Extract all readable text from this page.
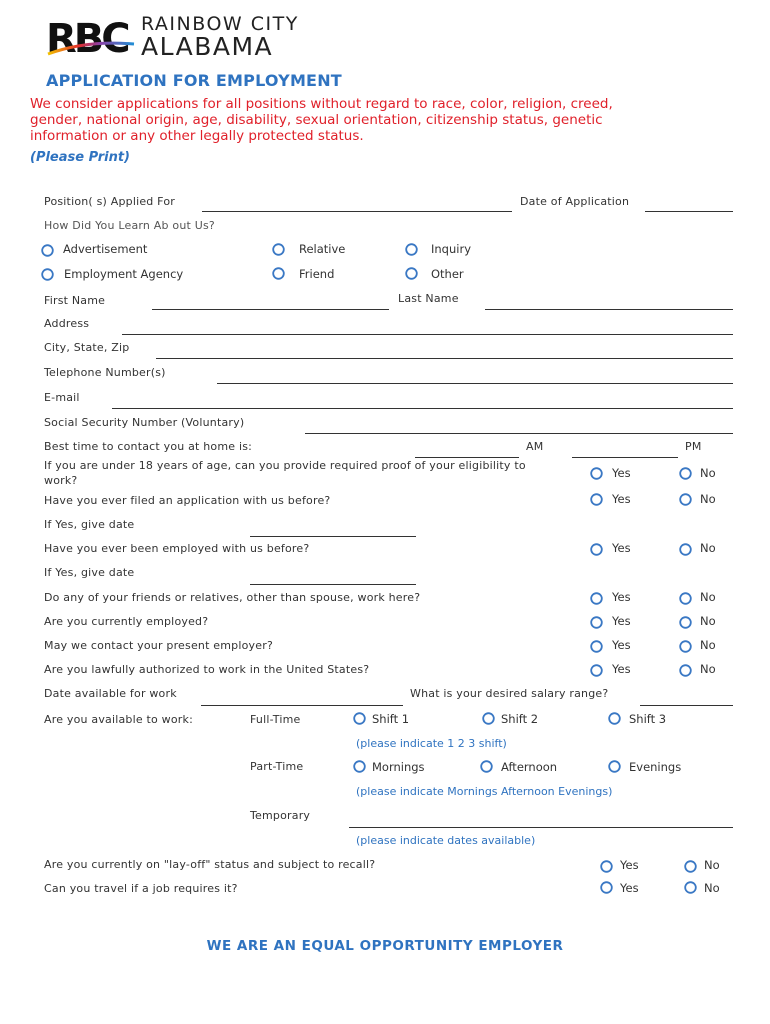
RBC RAINBOW CITY
ALABAMA
APPLICATION FOR EMPLOYMENT
We consider applications for all positions without regard to race, color, religion, creed,
gender, national origin, age, disability, sexual orientation, citizenship status, genetic
information or any other legally protected status.
(Please Print)
Position( s) Applied For	Date of Application
How Did You Learn Ab out Us?
Advertisement	Relative	Inquiry
Employment Agency	Friend	Other
First Name	Last Name
Address
City, State, Zip
Telephone Number(s)
E-mail
Social Security Number (Voluntary)
Best time to contact you at home is:	AM	PM
If you are under 18 years of age, can you provide required proof of your eligibility to
work?
Yes	No
Have you ever filed an application with us before?	Yes	No
If Yes, give date
Have you ever been employed with us before?	Yes	No
If Yes, give date
Do any of your friends or relatives, other than spouse, work here?	Yes	No
Are you currently employed?	Yes	No
May we contact your present employer?	Yes	No
Are you lawfully authorized to work in the United States?	Yes	No
Date available for work	What is your desired salary range?
Are you available to work:	Full-Time	Shift 1	Shift 2	Shift 3
(please indicate 1 2 3 shift)
Part-Time	Mornings	Afternoon	Evenings
(please indicate Mornings Afternoon Evenings)
Temporary
(please indicate dates available)
Are you currently on "lay-off" status and subject to recall?	Yes	No
Can you travel if a job requires it?	Yes	No
WE ARE AN EQUAL OPPORTUNITY EMPLOYER
